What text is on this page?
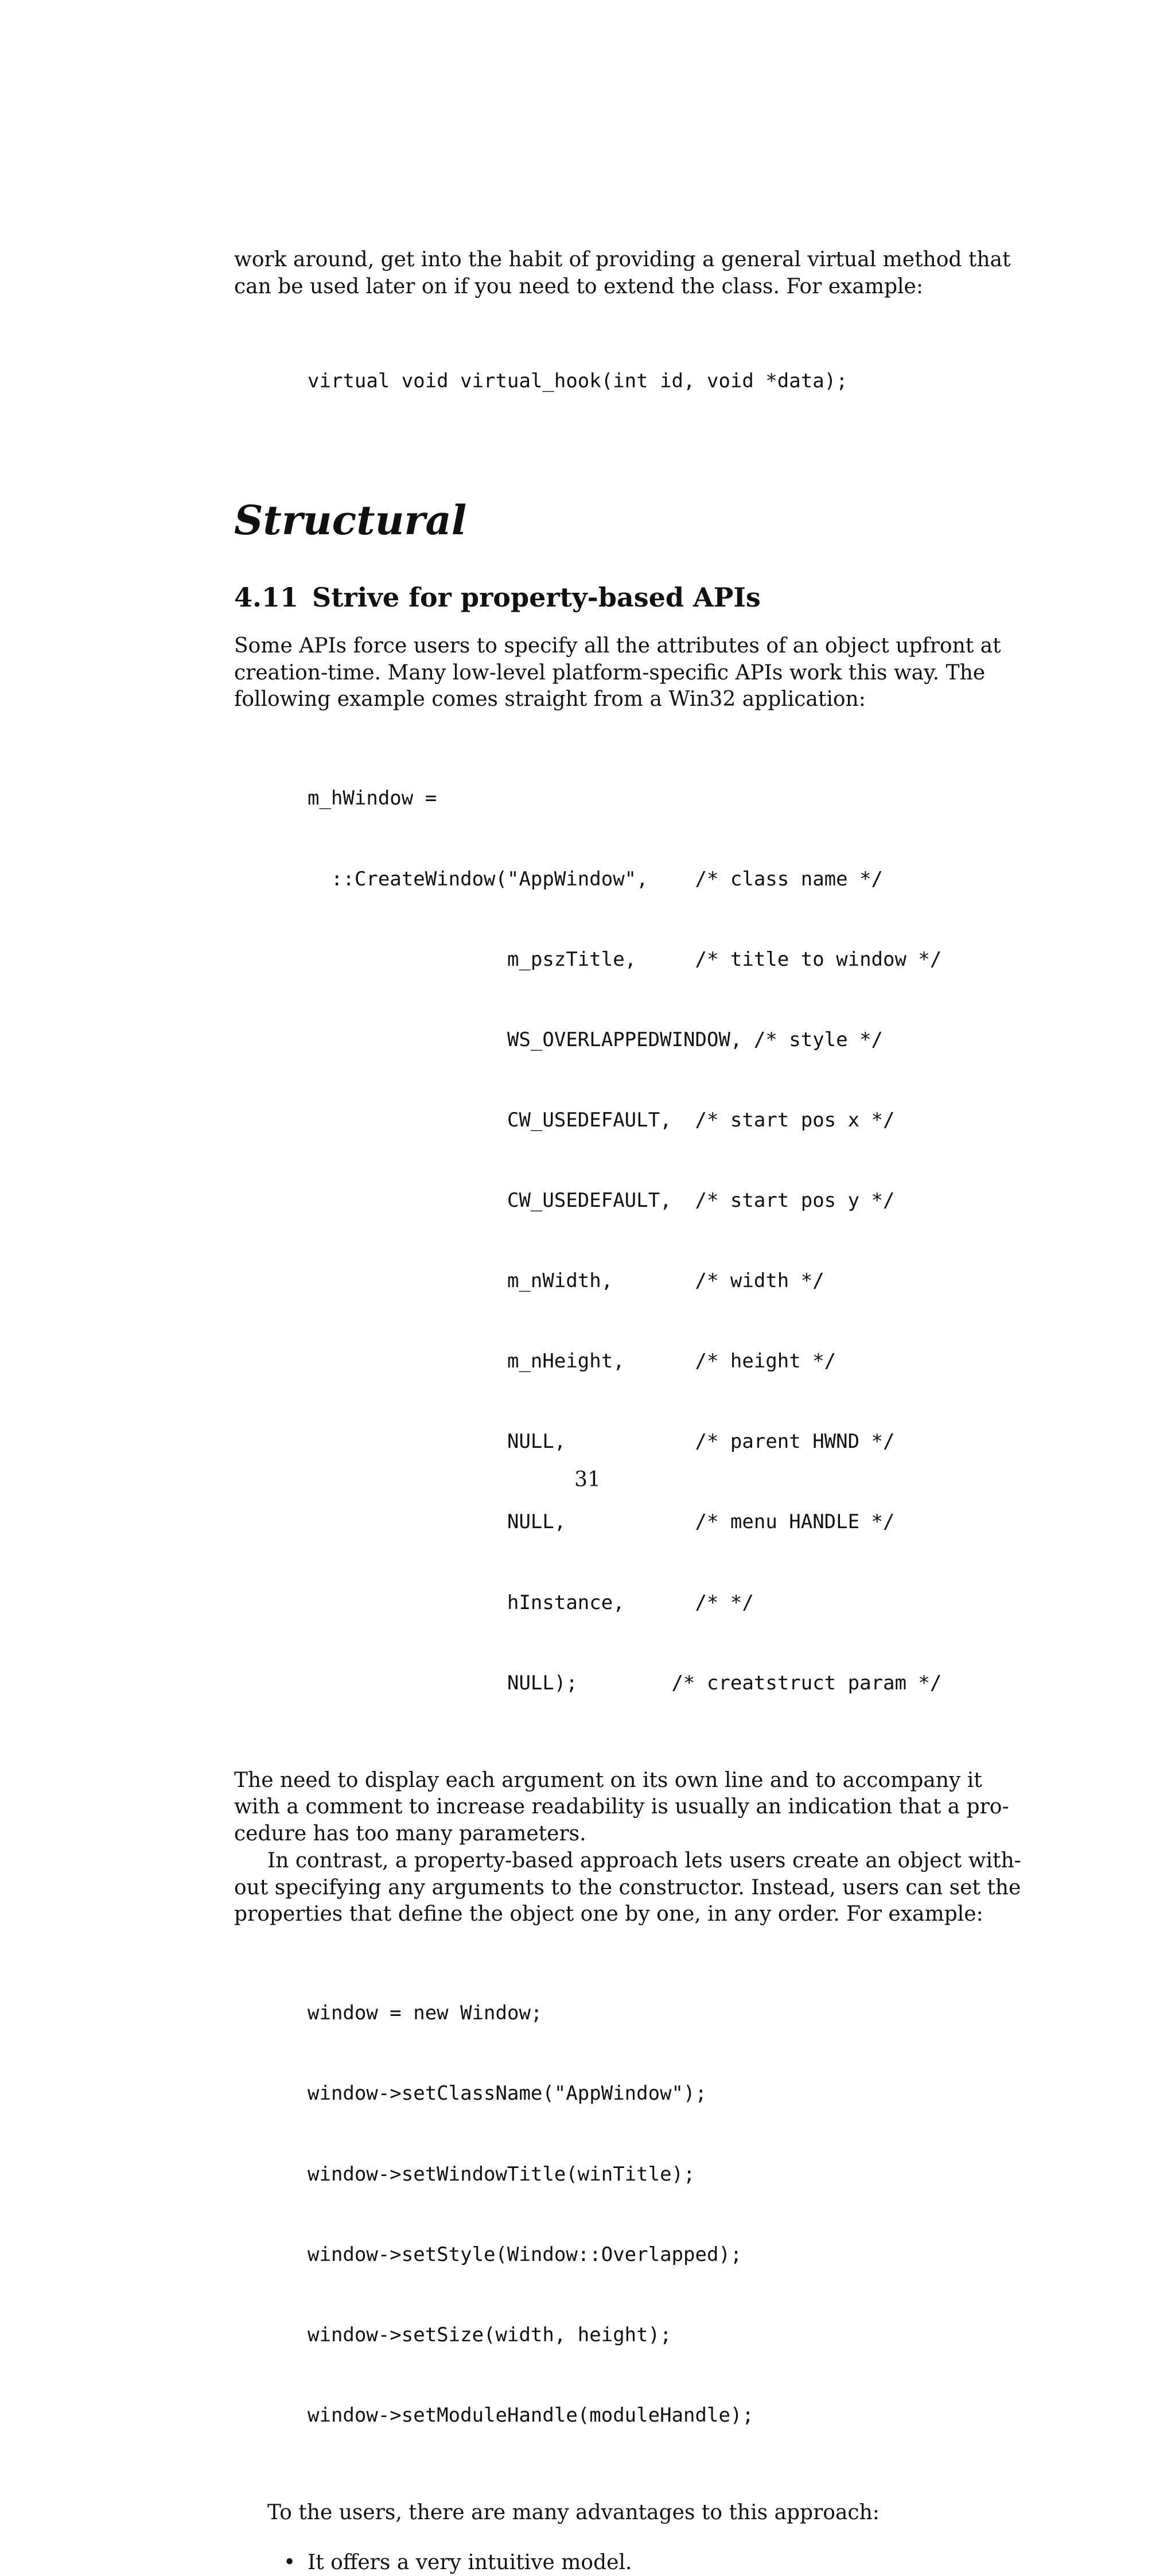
work around, get into the habit of providing a general virtual method that
can be used later on if you need to extend the class. For example:

virtual void virtual_hook(int id, void *data);

Structural
4.11 Strive for property-based APIs

Some APIs force users to specify all the attributes of an object upfront at
creation-time. Many low-level platform-specific APIs work this way. The
following example comes straight from a Win32 application:

m_hWindow =

::CreateWindow("AppWindow",    /* class name */

m_pszTitle,     /* title to window */

WS_OVERLAPPEDWINDOW, /* style */

CW_USEDEFAULT,  /* start pos x */

CW_USEDEFAULT,  /* start pos y */

m_nWidth,       /* width */

m_nHeight,      /* height */

NULL,           /* parent HWND */

NULL,           /* menu HANDLE */

hInstance,      /* */

NULL);        /* creatstruct param */

The need to display each argument on its own line and to accompany it
with a comment to increase readability is usually an indication that a pro-
cedure has too many parameters.

In contrast, a property-based approach lets users create an object with-
out specifying any arguments to the constructor. Instead, users can set the
properties that define the object one by one, in any order. For example:

window = new Window;

window->setClassName("AppWindow");

window->setWindowTitle(winTitle);

window->setStyle(Window::Overlapped);

window->setSize(width, height);

window->setModuleHandle(moduleHandle);

To the users, there are many advantages to this approach:

• It offers a very intuitive model.
31
